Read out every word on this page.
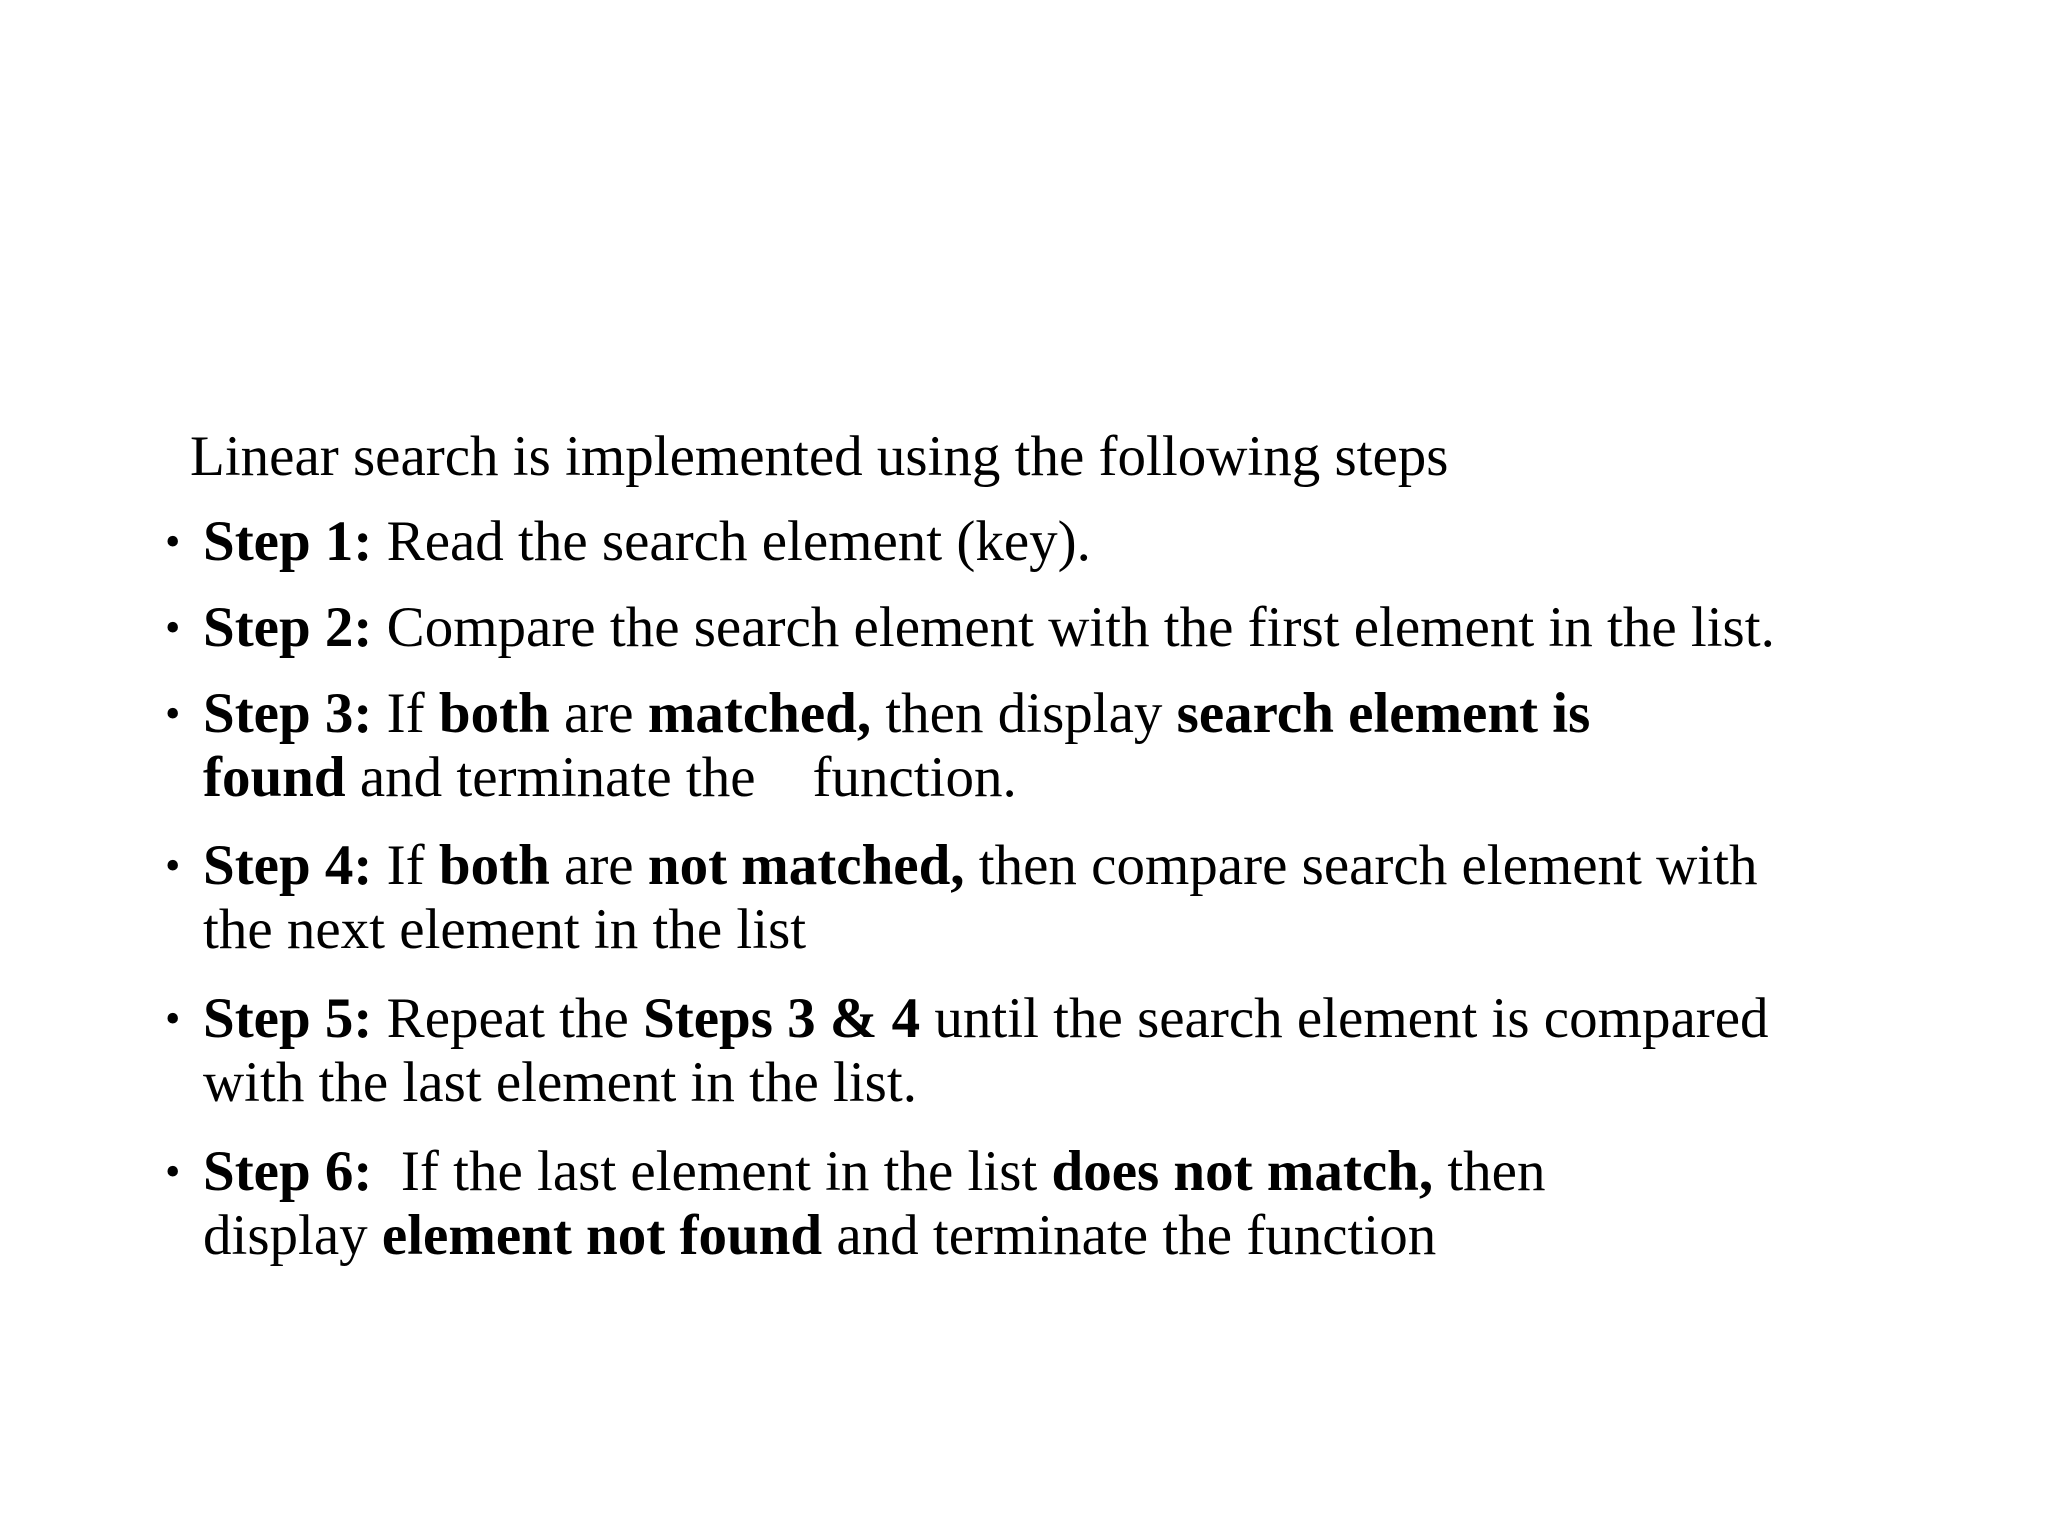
Linear search is implemented using the following steps
• Step 1: Read the search element (key).
• Step 2: Compare the search element with the first element in the list.
• Step 3: If both are matched, then display search element is
found and terminate the    function.
• Step 4: If both are not matched, then compare search element with
the next element in the list
• Step 5: Repeat the Steps 3 & 4 until the search element is compared
with the last element in the list.
• Step 6:  If the last element in the list does not match, then
display element not found and terminate the function
